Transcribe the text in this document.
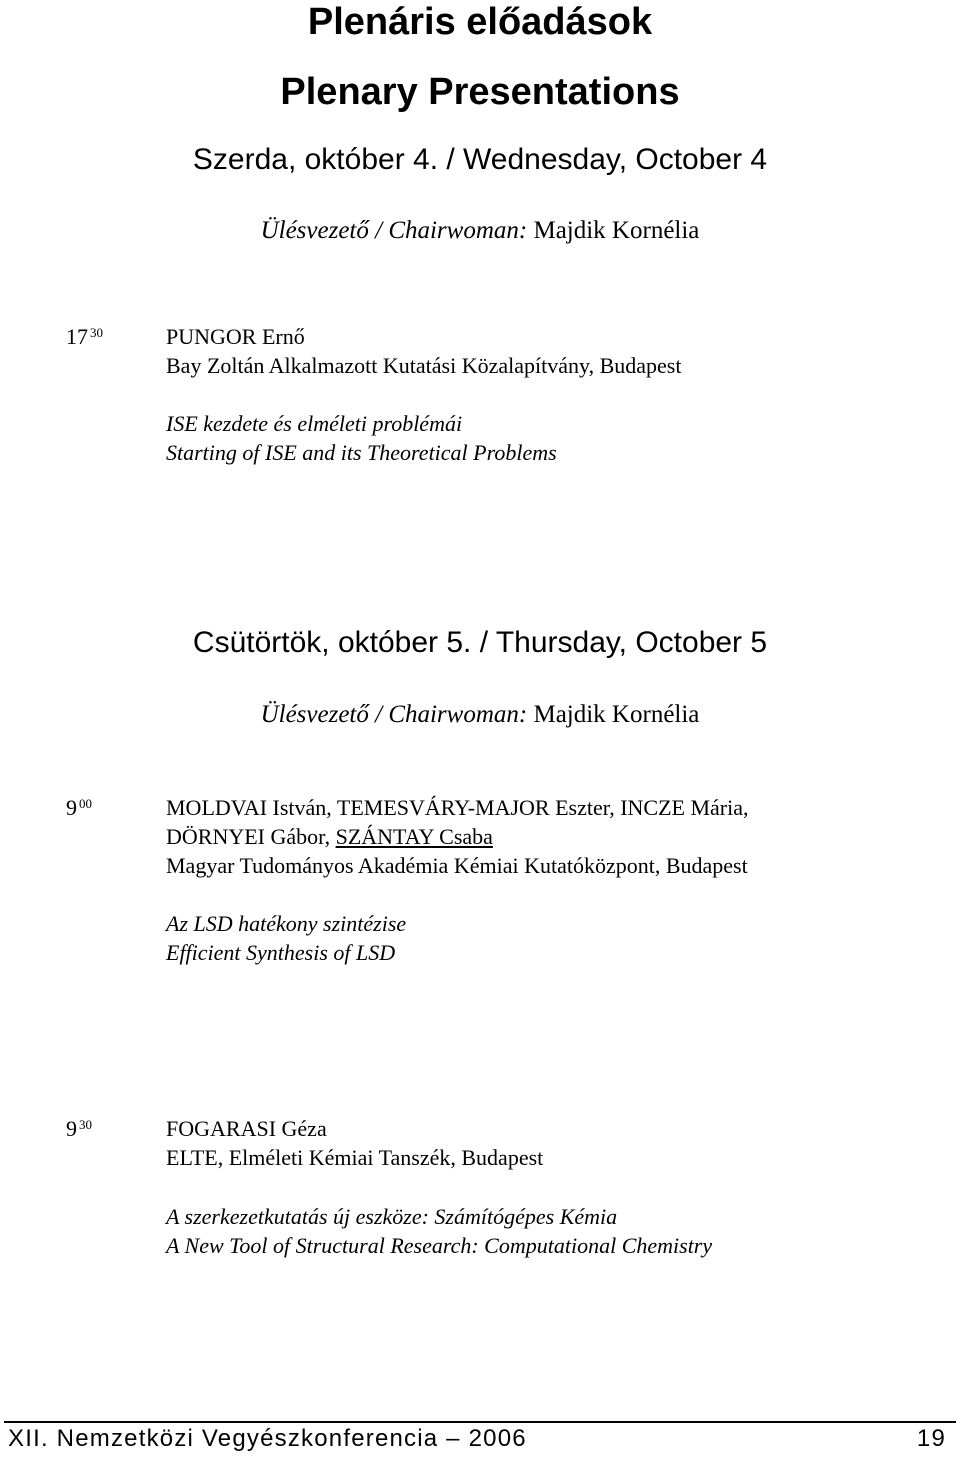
Plenáris előadások
Plenary Presentations
Szerda, október 4. / Wednesday, October 4
Ülésvezető / Chairwoman: Majdik Kornélia
17 $^{30}$	PUNGOR Ernő
Bay Zoltán Alkalmazott Kutatási Közalapítvány, Budapest
ISE kezdete és elméleti problémái
Starting of ISE and its Theoretical Problems
Csütörtök, október 5. / Thursday, October 5
Ülésvezető / Chairwoman: Majdik Kornélia
9 $^{00}$	MOLDVAI István, TEMESVÁRY-MAJOR Eszter, INCZE Mária,
DÖRNYEI Gábor, SZÁNTAY Csaba
Magyar Tudományos Akadémia Kémiai Kutatóközpont, Budapest
Az LSD hatékony szintézise
Efficient Synthesis of LSD
9 $^{30}$	FOGARASI Géza
ELTE, Elméleti Kémiai Tanszék, Budapest
A szerkezetkutatás új eszköze: Számítógépes Kémia
A New Tool of Structural Research: Computational Chemistry
XII. Nemzetközi Vegyészkonferencia – 2006	19
